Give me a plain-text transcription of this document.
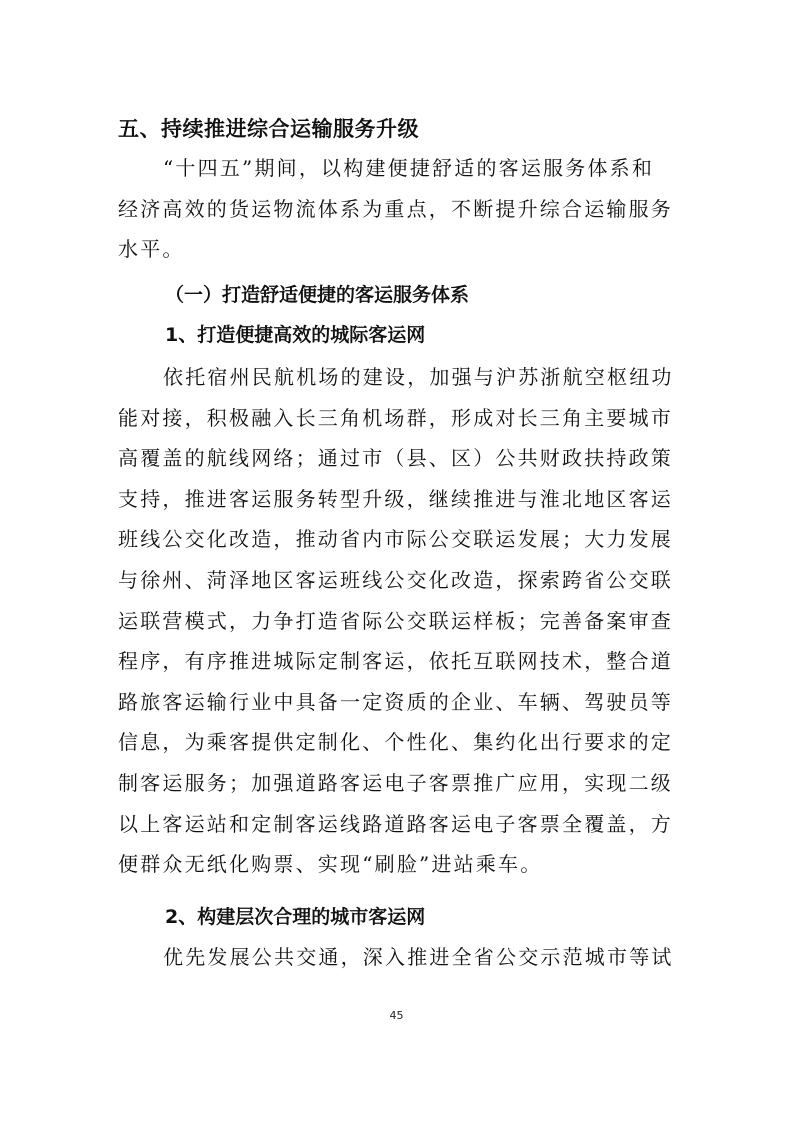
五、持续推进综合运输服务升级
“十四五”期间，以构建便捷舒适的客运服务体系和
经济高效的货运物流体系为重点，不断提升综合运输服务
水平。
（一）打造舒适便捷的客运服务体系
1、打造便捷高效的城际客运网
依托宿州民航机场的建设，加强与沪苏浙航空枢纽功
能对接，积极融入长三角机场群，形成对长三角主要城市
高覆盖的航线网络；通过市（县、区）公共财政扶持政策
支持，推进客运服务转型升级，继续推进与淮北地区客运
班线公交化改造，推动省内市际公交联运发展；大力发展
与徐州、菏泽地区客运班线公交化改造，探索跨省公交联
运联营模式，力争打造省际公交联运样板；完善备案审查
程序，有序推进城际定制客运，依托互联网技术，整合道
路旅客运输行业中具备一定资质的企业、车辆、驾驶员等
信息，为乘客提供定制化、个性化、集约化出行要求的定
制客运服务；加强道路客运电子客票推广应用，实现二级
以上客运站和定制客运线路道路客运电子客票全覆盖，方
便群众无纸化购票、实现“刷脸”进站乘车。
2、构建层次合理的城市客运网
优先发展公共交通，深入推进全省公交示范城市等试
45
